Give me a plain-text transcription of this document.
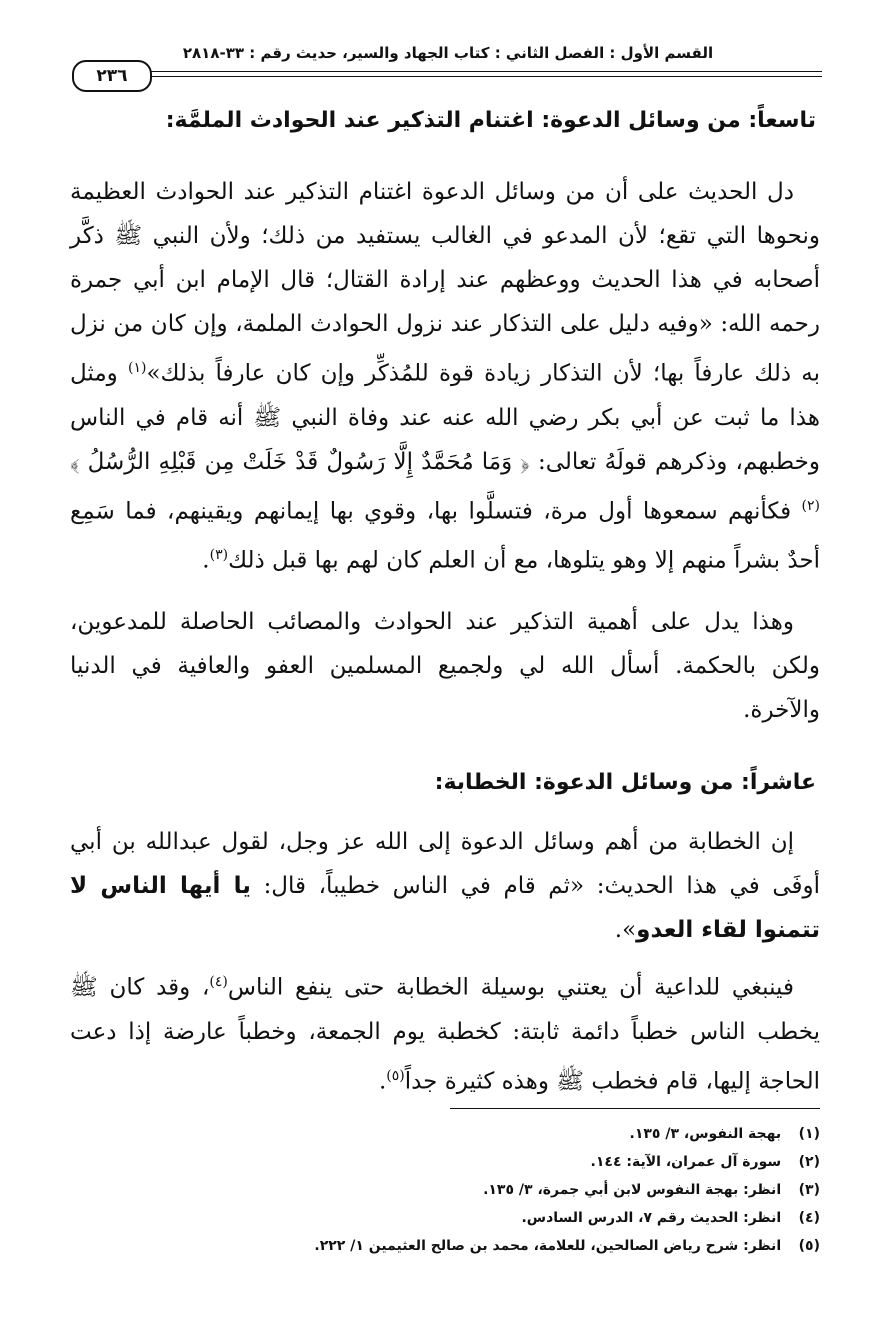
القسم الأول : الفصل الثاني : كتاب الجهاد والسير، حديث رقم : ٣٣-٢٨١٨
٢٣٦
تاسعاً: من وسائل الدعوة: اغتنام التذكير عند الحوادث الملمَّة:

دل الحديث على أن من وسائل الدعوة اغتنام التذكير عند الحوادث العظيمة ونحوها التي تقع؛ لأن المدعو في الغالب يستفيد من ذلك؛ ولأن النبي ﷺ ذكَّر أصحابه في هذا الحديث ووعظهم عند إرادة القتال؛ قال الإمام ابن أبي جمرة رحمه الله: «وفيه دليل على التذكار عند نزول الحوادث الملمة، وإن كان من نزل به ذلك عارفاً بها؛ لأن التذكار زيادة قوة للمُذكِّر وإن كان عارفاً بذلك»$^{(١)}$ ومثل هذا ما ثبت عن أبي بكر رضي الله عنه عند وفاة النبي ﷺ أنه قام في الناس وخطبهم، وذكرهم قولَهُ تعالى: ﴿ وَمَا مُحَمَّدٌ إِلَّا رَسُولٌ قَدْ خَلَتْ مِن قَبْلِهِ الرُّسُلُ ﴾$^{(٢)}$ فكأنهم سمعوها أول مرة، فتسلَّوا بها، وقوي بها إيمانهم ويقينهم، فما سَمِع أحدٌ بشراً منهم إلا وهو يتلوها، مع أن العلم كان لهم بها قبل ذلك$^{(٣)}$.

وهذا يدل على أهمية التذكير عند الحوادث والمصائب الحاصلة للمدعوين، ولكن بالحكمة. أسأل الله لي ولجميع المسلمين العفو والعافية في الدنيا والآخرة.

عاشراً: من وسائل الدعوة: الخطابة:

إن الخطابة من أهم وسائل الدعوة إلى الله عز وجل، لقول عبدالله بن أبي أوفَى في هذا الحديث: «ثم قام في الناس خطيباً، قال: يا أيها الناس لا تتمنوا لقاء العدو».

فينبغي للداعية أن يعتني بوسيلة الخطابة حتى ينفع الناس$^{(٤)}$، وقد كان ﷺ يخطب الناس خطباً دائمة ثابتة: كخطبة يوم الجمعة، وخطباً عارضة إذا دعت الحاجة إليها، قام فخطب ﷺ وهذه كثيرة جداً$^{(٥)}$.

(١) بهجة النفوس، ٣/ ١٣٥.
(٢) سورة آل عمران، الآية: ١٤٤.
(٣) انظر: بهجة النفوس لابن أبي جمرة، ٣/ ١٣٥.
(٤) انظر: الحديث رقم ٧، الدرس السادس.
(٥) انظر: شرح رياض الصالحين، للعلامة، محمد بن صالح العثيمين ١/ ٢٢٢.
